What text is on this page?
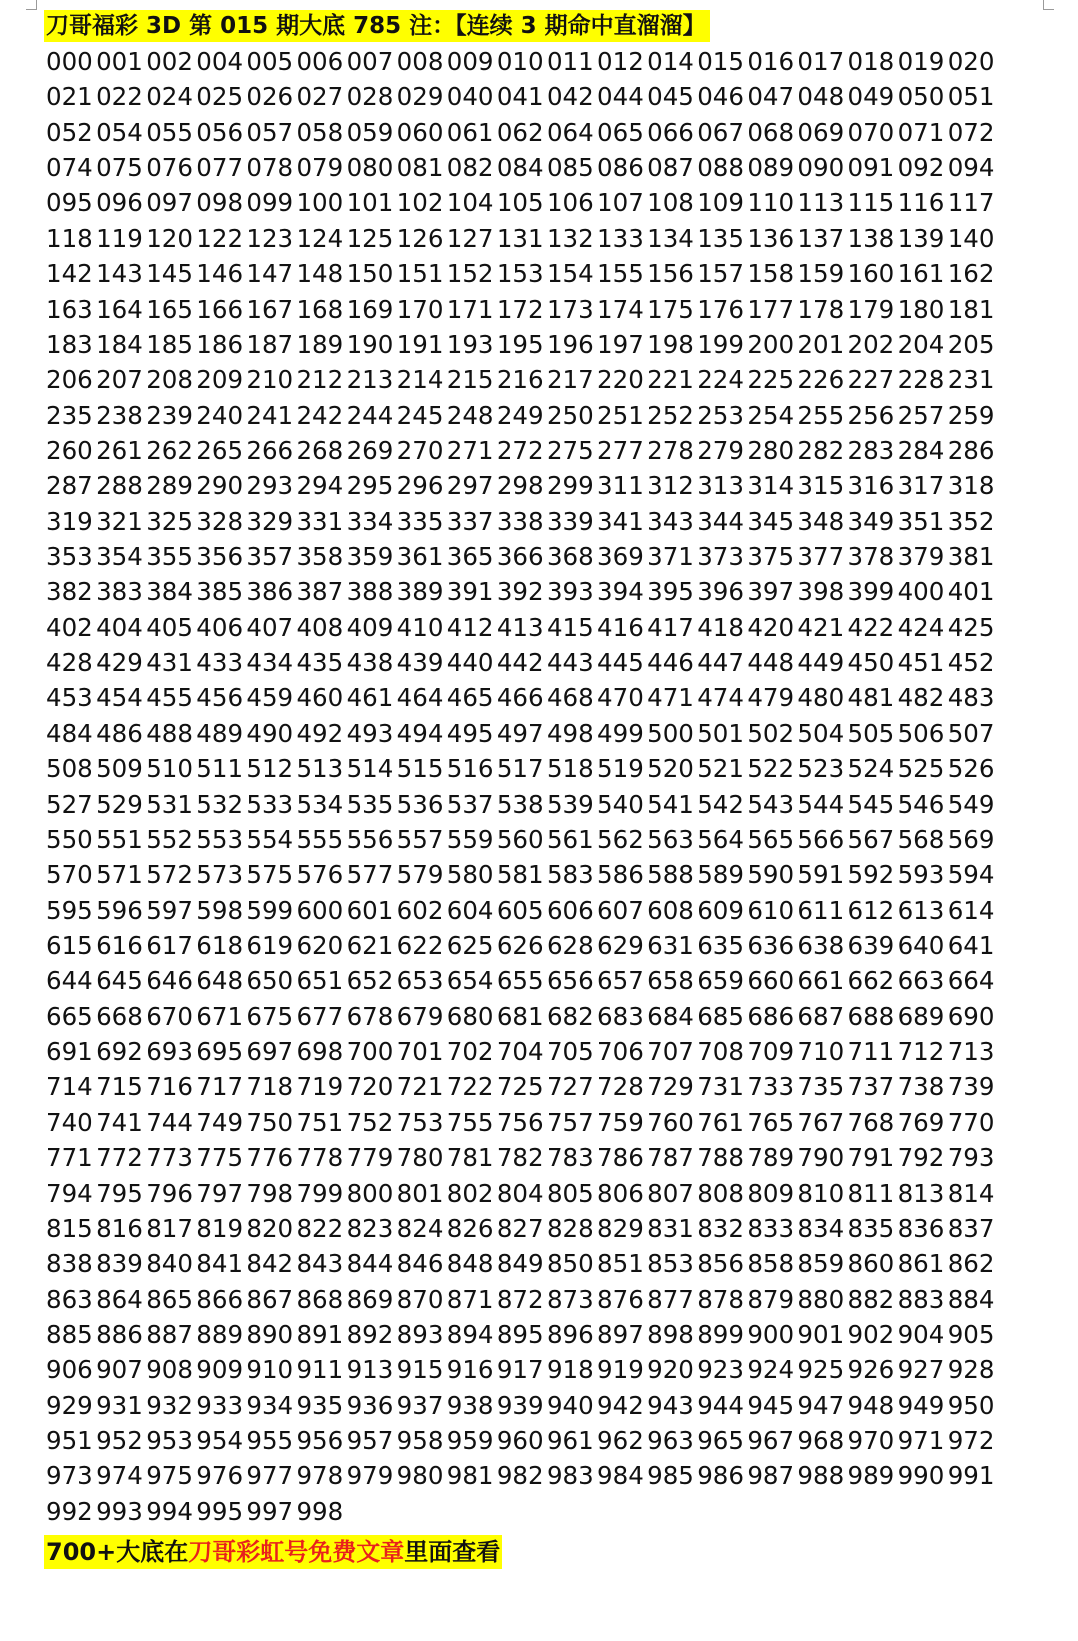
刀哥福彩 3D 第 015 期大底 785 注：【连续 3 期命中直溜溜】
000 001 002 004 005 006 007 008 009 010 011 012 014 015 016 017 018 019 020
021 022 024 025 026 027 028 029 040 041 042 044 045 046 047 048 049 050 051
052 054 055 056 057 058 059 060 061 062 064 065 066 067 068 069 070 071 072
074 075 076 077 078 079 080 081 082 084 085 086 087 088 089 090 091 092 094
095 096 097 098 099 100 101 102 104 105 106 107 108 109 110 113 115 116 117
118 119 120 122 123 124 125 126 127 131 132 133 134 135 136 137 138 139 140
142 143 145 146 147 148 150 151 152 153 154 155 156 157 158 159 160 161 162
163 164 165 166 167 168 169 170 171 172 173 174 175 176 177 178 179 180 181
183 184 185 186 187 189 190 191 193 195 196 197 198 199 200 201 202 204 205
206 207 208 209 210 212 213 214 215 216 217 220 221 224 225 226 227 228 231
235 238 239 240 241 242 244 245 248 249 250 251 252 253 254 255 256 257 259
260 261 262 265 266 268 269 270 271 272 275 277 278 279 280 282 283 284 286
287 288 289 290 293 294 295 296 297 298 299 311 312 313 314 315 316 317 318
319 321 325 328 329 331 334 335 337 338 339 341 343 344 345 348 349 351 352
353 354 355 356 357 358 359 361 365 366 368 369 371 373 375 377 378 379 381
382 383 384 385 386 387 388 389 391 392 393 394 395 396 397 398 399 400 401
402 404 405 406 407 408 409 410 412 413 415 416 417 418 420 421 422 424 425
428 429 431 433 434 435 438 439 440 442 443 445 446 447 448 449 450 451 452
453 454 455 456 459 460 461 464 465 466 468 470 471 474 479 480 481 482 483
484 486 488 489 490 492 493 494 495 497 498 499 500 501 502 504 505 506 507
508 509 510 511 512 513 514 515 516 517 518 519 520 521 522 523 524 525 526
527 529 531 532 533 534 535 536 537 538 539 540 541 542 543 544 545 546 549
550 551 552 553 554 555 556 557 559 560 561 562 563 564 565 566 567 568 569
570 571 572 573 575 576 577 579 580 581 583 586 588 589 590 591 592 593 594
595 596 597 598 599 600 601 602 604 605 606 607 608 609 610 611 612 613 614
615 616 617 618 619 620 621 622 625 626 628 629 631 635 636 638 639 640 641
644 645 646 648 650 651 652 653 654 655 656 657 658 659 660 661 662 663 664
665 668 670 671 675 677 678 679 680 681 682 683 684 685 686 687 688 689 690
691 692 693 695 697 698 700 701 702 704 705 706 707 708 709 710 711 712 713
714 715 716 717 718 719 720 721 722 725 727 728 729 731 733 735 737 738 739
740 741 744 749 750 751 752 753 755 756 757 759 760 761 765 767 768 769 770
771 772 773 775 776 778 779 780 781 782 783 786 787 788 789 790 791 792 793
794 795 796 797 798 799 800 801 802 804 805 806 807 808 809 810 811 813 814
815 816 817 819 820 822 823 824 826 827 828 829 831 832 833 834 835 836 837
838 839 840 841 842 843 844 846 848 849 850 851 853 856 858 859 860 861 862
863 864 865 866 867 868 869 870 871 872 873 876 877 878 879 880 882 883 884
885 886 887 889 890 891 892 893 894 895 896 897 898 899 900 901 902 904 905
906 907 908 909 910 911 913 915 916 917 918 919 920 923 924 925 926 927 928
929 931 932 933 934 935 936 937 938 939 940 942 943 944 945 947 948 949 950
951 952 953 954 955 956 957 958 959 960 961 962 963 965 967 968 970 971 972
973 974 975 976 977 978 979 980 981 982 983 984 985 986 987 988 989 990 991
992 993 994 995 997 998
700+大底在刀哥彩虹号免费文章里面查看
